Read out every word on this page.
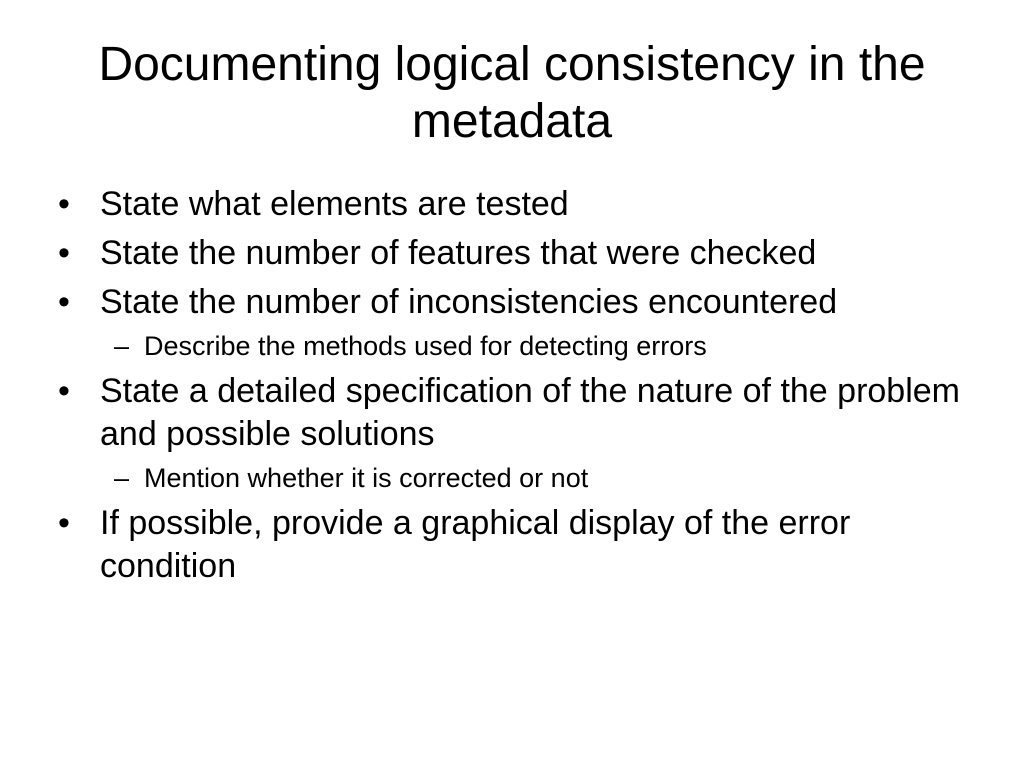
Documenting logical consistency in the metadata
• State what elements are tested
• State the number of features that were checked
• State the number of inconsistencies encountered
– Describe the methods used for detecting errors
• State a detailed specification of the nature of the problem and possible solutions
– Mention whether it is corrected or not
• If possible, provide a graphical display of the error condition
